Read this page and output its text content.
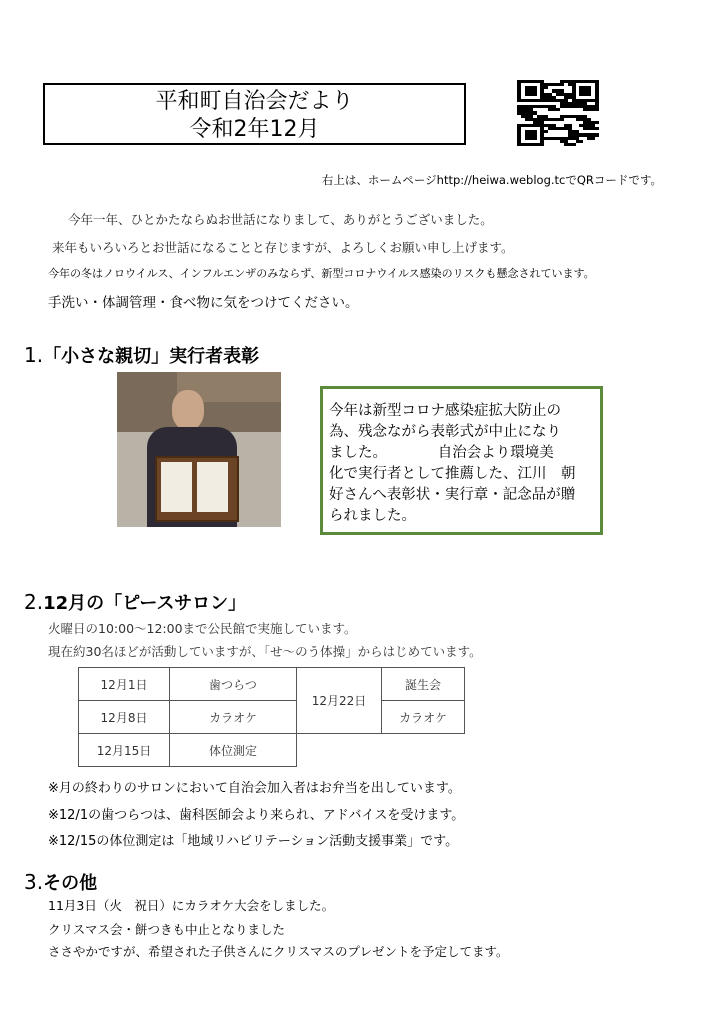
平和町自治会だより
令和2年12月
右上は、ホームページhttp://heiwa.weblog.tcでQRコードです。
今年一年、ひとかたならぬお世話になりまして、ありがとうございました。
来年もいろいろとお世話になることと存じますが、よろしくお願い申し上げます。
今年の冬はノロウイルス、インフルエンザのみならず、新型コロナウイルス感染のリスクも懸念されています。
手洗い・体調管理・食べ物に気をつけてください。
1.「小さな親切」実行者表彰
今年は新型コロナ感染症拡大防止の
為、残念ながら表彰式が中止になり
ました。　　　　自治会より環境美
化で実行者として推薦した、江川　朝
好さんへ表彰状・実行章・記念品が贈
られました。
2.12月の「ピースサロン」
火曜日の10:00～12:00まで公民館で実施しています。
現在約30名ほどが活動していますが、「せ～のう体操」からはじめています。
12月1日	歯つらつ	12月22日	誕生会
12月8日	カラオケ		カラオケ
12月15日	体位測定		
※月の終わりのサロンにおいて自治会加入者はお弁当を出しています。
※12/1の歯つらつは、歯科医師会より来られ、アドバイスを受けます。
※12/15の体位測定は「地域リハビリテーション活動支援事業」です。
3.その他
11月3日（火　祝日）にカラオケ大会をしました。
クリスマス会・餅つきも中止となりました
ささやかですが、希望された子供さんにクリスマスのプレゼントを予定してます。
